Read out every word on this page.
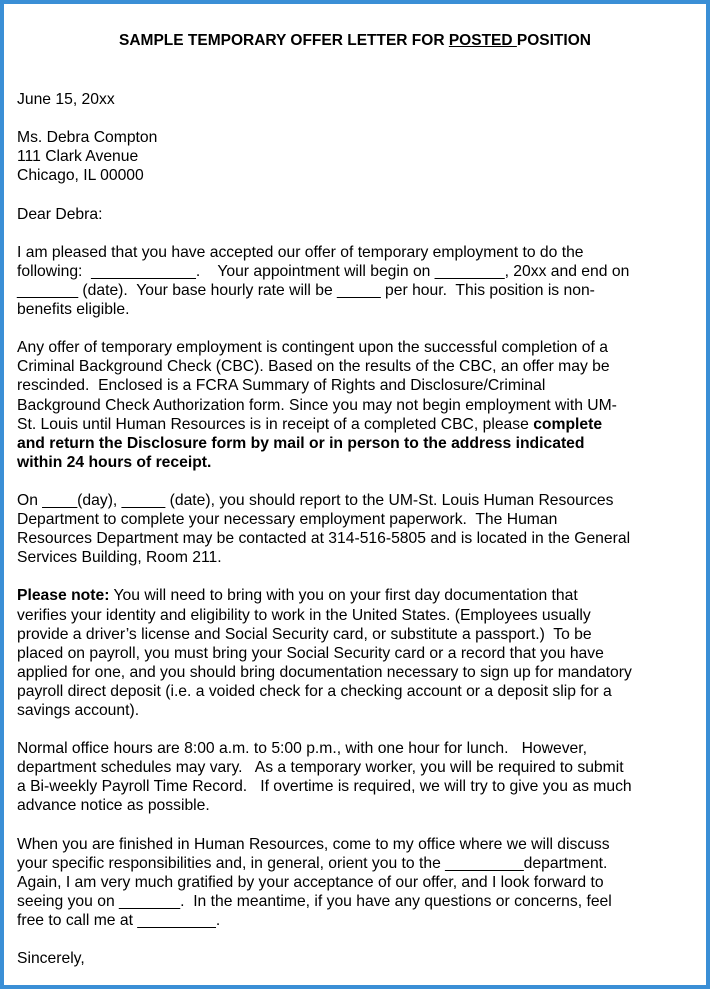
SAMPLE TEMPORARY OFFER LETTER FOR POSTED POSITION
June 15, 20xx
Ms. Debra Compton
111 Clark Avenue
Chicago, IL 00000
Dear Debra:
I am pleased that you have accepted our offer of temporary employment to do the
following:  ____________.    Your appointment will begin on ________, 20xx and end on
_______ (date).  Your base hourly rate will be _____ per hour.  This position is non-
benefits eligible.
Any offer of temporary employment is contingent upon the successful completion of a
Criminal Background Check (CBC). Based on the results of the CBC, an offer may be
rescinded.  Enclosed is a FCRA Summary of Rights and Disclosure/Criminal
Background Check Authorization form. Since you may not begin employment with UM-
St. Louis until Human Resources is in receipt of a completed CBC, please complete
and return the Disclosure form by mail or in person to the address indicated
within 24 hours of receipt.
On ____(day), _____ (date), you should report to the UM-St. Louis Human Resources
Department to complete your necessary employment paperwork.  The Human
Resources Department may be contacted at 314-516-5805 and is located in the General
Services Building, Room 211.
Please note: You will need to bring with you on your first day documentation that
verifies your identity and eligibility to work in the United States. (Employees usually
provide a driver’s license and Social Security card, or substitute a passport.)  To be
placed on payroll, you must bring your Social Security card or a record that you have
applied for one, and you should bring documentation necessary to sign up for mandatory
payroll direct deposit (i.e. a voided check for a checking account or a deposit slip for a
savings account).
Normal office hours are 8:00 a.m. to 5:00 p.m., with one hour for lunch.   However,
department schedules may vary.   As a temporary worker, you will be required to submit
a Bi-weekly Payroll Time Record.   If overtime is required, we will try to give you as much
advance notice as possible.
When you are finished in Human Resources, come to my office where we will discuss
your specific responsibilities and, in general, orient you to the _________department.
Again, I am very much gratified by your acceptance of our offer, and I look forward to
seeing you on _______.  In the meantime, if you have any questions or concerns, feel
free to call me at _________.
Sincerely,
